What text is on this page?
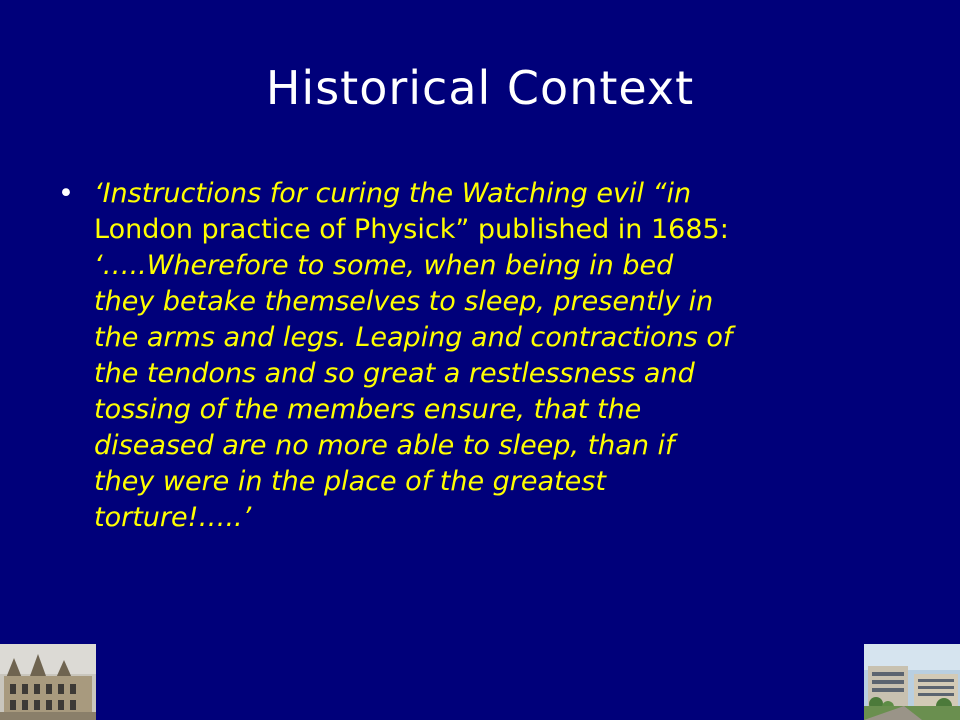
Historical Context
• ‘Instructions for curing the Watching evil “in

London practice of Physick” published in 1685:

‘…..Wherefore to some, when being in bed

they betake themselves to sleep, presently in

the arms and legs. Leaping and contractions of

the tendons and so great a restlessness and

tossing of the members ensure, that the

diseased are no more able to sleep, than if

they were in the place of the greatest

torture!…..’
